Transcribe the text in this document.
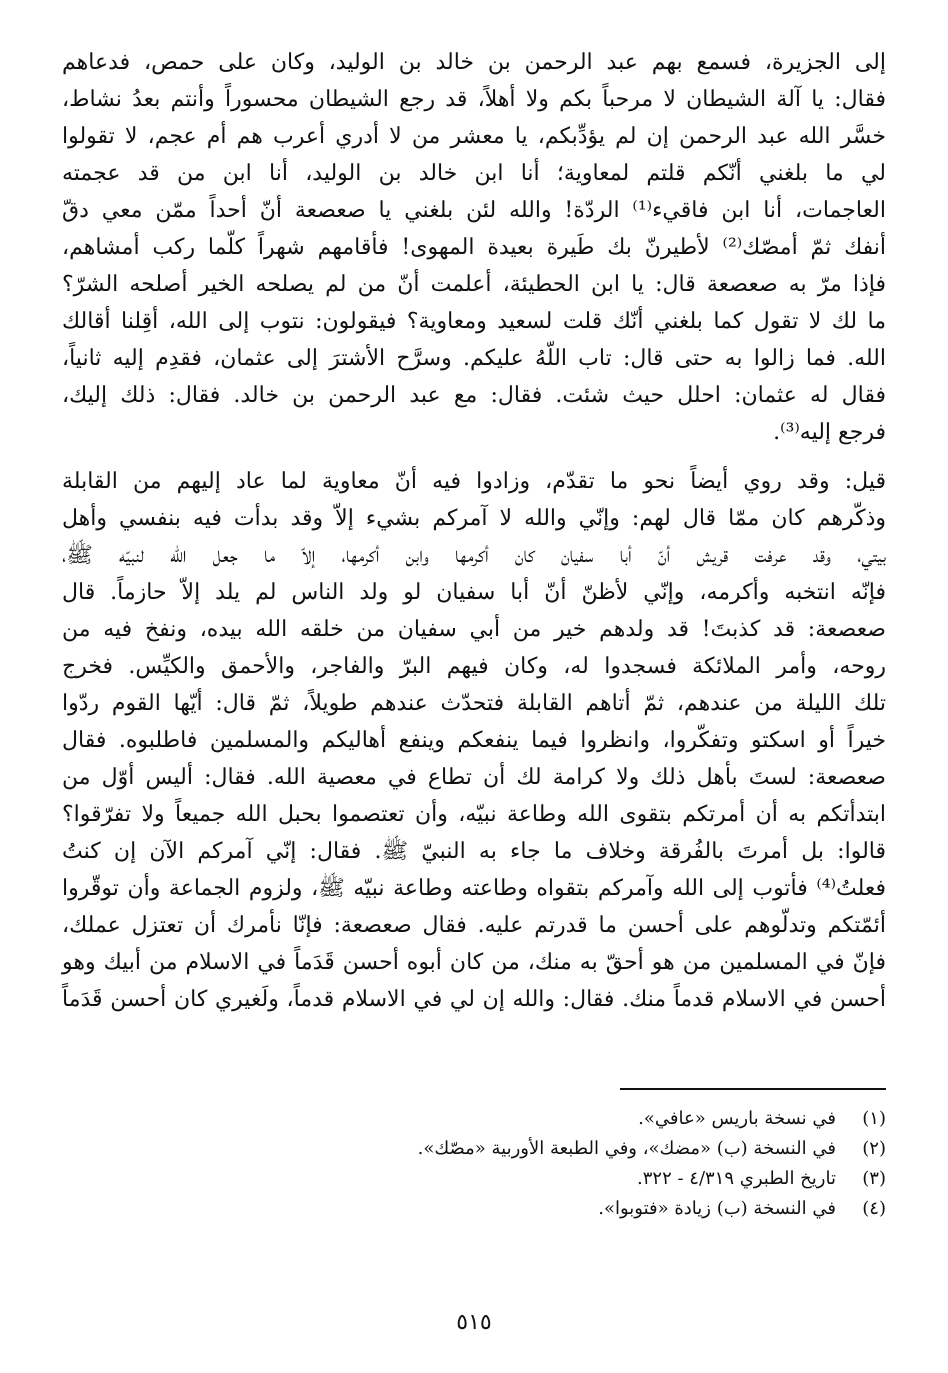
إلى الجزيرة، فسمع بهم عبد الرحمن بن خالد بن الوليد، وكان على حمص، فدعاهم
فقال: يا آلة الشيطان لا مرحباً بكم ولا أهلاً، قد رجع الشيطان محسوراً وأنتم بعدُ نشاط،
خسَّر الله عبد الرحمن إن لم يؤدِّبكم، يا معشر من لا أدري أعرب هم أم عجم، لا تقولوا
لي ما بلغني أنّكم قلتم لمعاوية؛ أنا ابن خالد بن الوليد، أنا ابن من قد عجمته
العاجمات، أنا ابن فاقيء⁽¹⁾ الردّة! والله لئن بلغني يا صعصعة أنّ أحداً ممّن معي دقّ
أنفك ثمّ أمصّك⁽²⁾ لأطيرنّ بك طَيرة بعيدة المهوى! فأقامهم شهراً كلّما ركب أمشاهم،
فإذا مرّ به صعصعة قال: يا ابن الحطيئة، أعلمت أنّ من لم يصلحه الخير أصلحه الشرّ؟
ما لك لا تقول كما بلغني أنّك قلت لسعيد ومعاوية؟ فيقولون: نتوب إلى الله، أقِلنا أقالك
الله. فما زالوا به حتى قال: تاب اللّهُ عليكم. وسرَّح الأشترَ إلى عثمان، فقدِم إليه ثانياً،
فقال له عثمان: احلل حيث شئت. فقال: مع عبد الرحمن بن خالد. فقال: ذلك إليك،
فرجع إليه⁽³⁾.
قيل: وقد روي أيضاً نحو ما تقدّم، وزادوا فيه أنّ معاوية لما عاد إليهم من القابلة
وذكّرهم كان ممّا قال لهم: وإنّي والله لا آمركم بشيء إلاّ وقد بدأت فيه بنفسي وأهل
بيتي، وقد عرفت قريش أنّ أبا سفيان كان أكرمها وابن أكرمها، إلاّ ما جعل الله لنبيّه ﷺ،
فإنّه انتخبه وأكرمه، وإنّي لأظنّ أنّ أبا سفيان لو ولد الناس لم يلد إلاّ حازماً. قال
صعصعة: قد كذبتَ! قد ولدهم خير من أبي سفيان من خلقه الله بيده، ونفخ فيه من
روحه، وأمر الملائكة فسجدوا له، وكان فيهم البرّ والفاجر، والأحمق والكيِّس. فخرج
تلك الليلة من عندهم، ثمّ أتاهم القابلة فتحدّث عندهم طويلاً، ثمّ قال: أيّها القوم ردّوا
خيراً أو اسكتو وتفكّروا، وانظروا فيما ينفعكم وينفع أهاليكم والمسلمين فاطلبوه. فقال
صعصعة: لستَ بأهل ذلك ولا كرامة لك أن تطاع في معصية الله. فقال: أليس أوّل من
ابتدأتكم به أن أمرتكم بتقوى الله وطاعة نبيّه، وأن تعتصموا بحبل الله جميعاً ولا تفرّقوا؟
قالوا: بل أمرتَ بالفُرقة وخلاف ما جاء به النبيّ ﷺ. فقال: إنّي آمركم الآن إن كنتُ
فعلتُ⁽⁴⁾ فأتوب إلى الله وآمركم بتقواه وطاعته وطاعة نبيّه ﷺ، ولزوم الجماعة وأن توقّروا
أئمّتكم وتدلّوهم على أحسن ما قدرتم عليه. فقال صعصعة: فإنّا نأمرك أن تعتزل عملك،
فإنّ في المسلمين من هو أحقّ به منك، من كان أبوه أحسن قَدَماً في الاسلام من أبيك وهو
أحسن في الاسلام قدماً منك. فقال: والله إن لي في الاسلام قدماً، ولَغيري كان أحسن قَدَماً
(١)
في نسخة باريس «عافي».
(٢)
في النسخة (ب) «مضك»، وفي الطبعة الأوربية «مصّك».
(٣)
تاريخ الطبري ٤/٣١٩ - ٣٢٢.
(٤)
في النسخة (ب) زيادة «فتوبوا».
٥١٥
